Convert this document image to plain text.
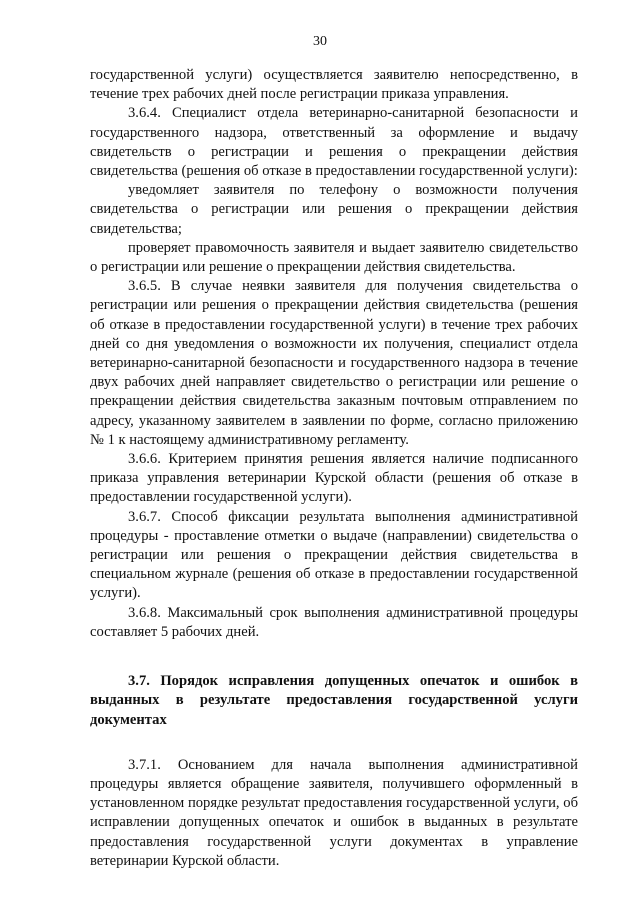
30

государственной услуги) осуществляется заявителю непосредственно, в течение трех рабочих дней после регистрации приказа управления.

3.6.4. Специалист отдела ветеринарно-санитарной безопасности и государственного надзора, ответственный за оформление и выдачу свидетельств о регистрации и решения о прекращении действия свидетельства (решения об отказе в предоставлении государственной услуги):

уведомляет заявителя по телефону о возможности получения свидетельства о регистрации или решения о прекращении действия свидетельства;

проверяет правомочность заявителя и выдает заявителю свидетельство о регистрации или решение о прекращении действия свидетельства.

3.6.5. В случае неявки заявителя для получения свидетельства о регистрации или решения о прекращении действия свидетельства (решения об отказе в предоставлении государственной услуги) в течение трех рабочих дней со дня уведомления о возможности их получения, специалист отдела ветеринарно-санитарной безопасности и государственного надзора в течение двух рабочих дней направляет свидетельство о регистрации или решение о прекращении действия свидетельства заказным почтовым отправлением по адресу, указанному заявителем в заявлении по форме, согласно приложению № 1 к настоящему административному регламенту.

3.6.6. Критерием принятия решения является наличие подписанного приказа управления ветеринарии Курской области (решения об отказе в предоставлении государственной услуги).

3.6.7. Способ фиксации результата выполнения административной процедуры - проставление отметки о выдаче (направлении) свидетельства о регистрации или решения о прекращении действия свидетельства в специальном журнале (решения об отказе в предоставлении государственной услуги).

3.6.8. Максимальный срок выполнения административной процедуры составляет 5 рабочих дней.

3.7. Порядок исправления допущенных опечаток и ошибок в выданных в результате предоставления государственной услуги документах

3.7.1. Основанием для начала выполнения административной процедуры является обращение заявителя, получившего оформленный в установленном порядке результат предоставления государственной услуги, об исправлении допущенных опечаток и ошибок в выданных в результате предоставления государственной услуги документах в управление ветеринарии Курской области.
